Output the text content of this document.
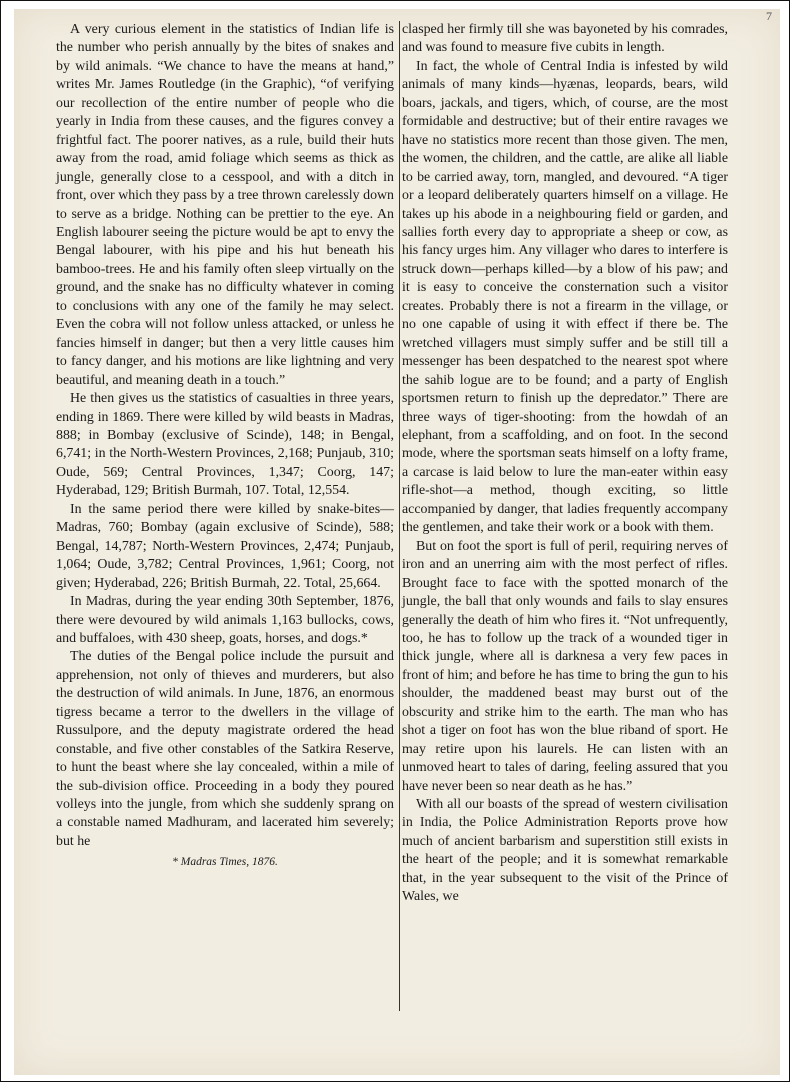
7

A very curious element in the statistics of Indian life is the number who perish annually by the bites of snakes and by wild animals. “We chance to have the means at hand,” writes Mr. James Routledge (in the Graphic), “of verifying our recollection of the entire number of people who die yearly in India from these causes, and the figures convey a frightful fact. The poorer natives, as a rule, build their huts away from the road, amid foliage which seems as thick as jungle, generally close to a cesspool, and with a ditch in front, over which they pass by a tree thrown carelessly down to serve as a bridge. Nothing can be prettier to the eye. An English labourer seeing the picture would be apt to envy the Bengal labourer, with his pipe and his hut beneath his bamboo-trees. He and his family often sleep virtually on the ground, and the snake has no difficulty whatever in coming to conclusions with any one of the family he may select. Even the cobra will not follow unless attacked, or unless he fancies himself in danger; but then a very little causes him to fancy danger, and his motions are like lightning and very beautiful, and meaning death in a touch.”

He then gives us the statistics of casualties in three years, ending in 1869. There were killed by wild beasts in Madras, 888; in Bombay (exclusive of Scinde), 148; in Bengal, 6,741; in the North-Western Provinces, 2,168; Punjaub, 310; Oude, 569; Central Provinces, 1,347; Coorg, 147; Hyderabad, 129; British Burmah, 107. Total, 12,554.

In the same period there were killed by snake-bites—Madras, 760; Bombay (again exclusive of Scinde), 588; Bengal, 14,787; North-Western Provinces, 2,474; Punjaub, 1,064; Oude, 3,782; Central Provinces, 1,961; Coorg, not given; Hyderabad, 226; British Burmah, 22. Total, 25,664.

In Madras, during the year ending 30th September, 1876, there were devoured by wild animals 1,163 bullocks, cows, and buffaloes, with 430 sheep, goats, horses, and dogs.*

The duties of the Bengal police include the pursuit and apprehension, not only of thieves and murderers, but also the destruction of wild animals. In June, 1876, an enormous tigress became a terror to the dwellers in the village of Russulpore, and the deputy magistrate ordered the head constable, and five other constables of the Satkira Reserve, to hunt the beast where she lay concealed, within a mile of the sub-division office. Proceeding in a body they poured volleys into the jungle, from which she suddenly sprang on a constable named Madhuram, and lacerated him severely; but he

* Madras Times, 1876.

clasped her firmly till she was bayoneted by his comrades, and was found to measure five cubits in length.

In fact, the whole of Central India is infested by wild animals of many kinds—hyænas, leopards, bears, wild boars, jackals, and tigers, which, of course, are the most formidable and destructive; but of their entire ravages we have no statistics more recent than those given. The men, the women, the children, and the cattle, are alike all liable to be carried away, torn, mangled, and devoured. “A tiger or a leopard deliberately quarters himself on a village. He takes up his abode in a neighbouring field or garden, and sallies forth every day to appropriate a sheep or cow, as his fancy urges him. Any villager who dares to interfere is struck down—perhaps killed—by a blow of his paw; and it is easy to conceive the consternation such a visitor creates. Probably there is not a firearm in the village, or no one capable of using it with effect if there be. The wretched villagers must simply suffer and be still till a messenger has been despatched to the nearest spot where the sahib logue are to be found; and a party of English sportsmen return to finish up the depredator.” There are three ways of tiger-shooting: from the howdah of an elephant, from a scaffolding, and on foot. In the second mode, where the sportsman seats himself on a lofty frame, a carcase is laid below to lure the man-eater within easy rifle-shot—a method, though exciting, so little accompanied by danger, that ladies frequently accompany the gentlemen, and take their work or a book with them.

But on foot the sport is full of peril, requiring nerves of iron and an unerring aim with the most perfect of rifles. Brought face to face with the spotted monarch of the jungle, the ball that only wounds and fails to slay ensures generally the death of him who fires it. “Not unfrequently, too, he has to follow up the track of a wounded tiger in thick jungle, where all is darknesa a very few paces in front of him; and before he has time to bring the gun to his shoulder, the maddened beast may burst out of the obscurity and strike him to the earth. The man who has shot a tiger on foot has won the blue riband of sport. He may retire upon his laurels. He can listen with an unmoved heart to tales of daring, feeling assured that you have never been so near death as he has.”

With all our boasts of the spread of western civilisation in India, the Police Administration Reports prove how much of ancient barbarism and superstition still exists in the heart of the people; and it is somewhat remarkable that, in the year subsequent to the visit of the Prince of Wales, we
